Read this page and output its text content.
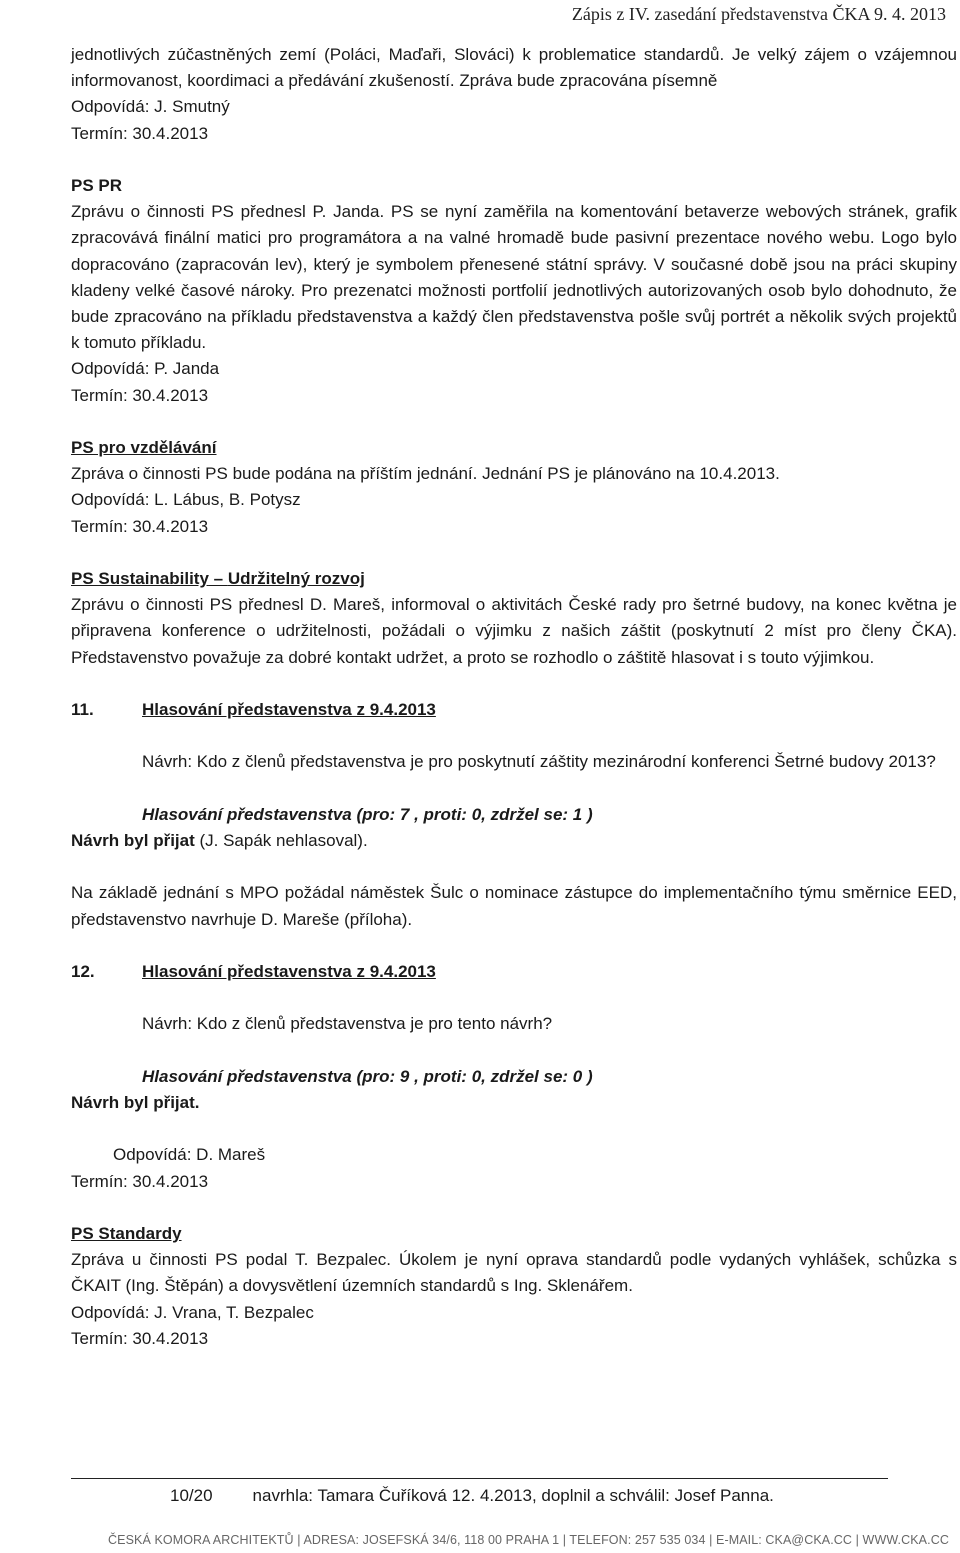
Zápis z IV. zasedání představenstva ČKA 9. 4. 2013

jednotlivých zúčastněných zemí (Poláci, Maďaři, Slováci) k problematice standardů. Je velký zájem o vzájemnou informovanost, koordimaci a předávání zkušeností. Zpráva bude zpracována písemně

Odpovídá: J. Smutný

Termín: 30.4.2013

PS PR

Zprávu o činnosti PS přednesl P. Janda. PS se nyní zaměřila na komentování betaverze webových stránek, grafik zpracovává finální matici pro programátora a na valné hromadě bude pasivní prezentace nového webu. Logo bylo dopracováno (zapracován lev), který je symbolem přenesené státní správy. V současné době jsou na práci skupiny kladeny velké časové nároky. Pro prezenatci možnosti portfolií jednotlivých autorizovaných osob bylo dohodnuto, že bude zpracováno na příkladu představenstva a každý člen představenstva pošle svůj portrét a několik svých projektů k tomuto příkladu.

Odpovídá: P. Janda

Termín: 30.4.2013

PS pro vzdělávání

Zpráva o činnosti PS bude podána na příštím jednání. Jednání PS je plánováno na 10.4.2013.

Odpovídá: L. Lábus, B. Potysz

Termín: 30.4.2013

PS Sustainability – Udržitelný rozvoj

Zprávu o činnosti PS přednesl D. Mareš, informoval o aktivitách České rady pro šetrné budovy, na konec května je připravena konference o udržitelnosti, požádali o výjimku z našich záštit (poskytnutí 2 míst pro členy ČKA). Představenstvo považuje za dobré kontakt udržet, a proto se rozhodlo o záštitě hlasovat i s touto výjimkou.

11.	Hlasování představenstva z 9.4.2013

Návrh: Kdo z členů představenstva je pro poskytnutí záštity mezinárodní konferenci Šetrné budovy 2013?

Hlasování představenstva (pro: 7 , proti: 0, zdržel se: 1 )

Návrh byl přijat (J. Sapák nehlasoval).

Na základě jednání s MPO požádal náměstek Šulc o nominace zástupce do implementačního týmu směrnice EED, představenstvo navrhuje D. Mareše (příloha).

12.	Hlasování představenstva z 9.4.2013

Návrh: Kdo z členů představenstva je pro tento návrh?

Hlasování představenstva (pro: 9 , proti: 0, zdržel se: 0 )

Návrh byl přijat.

Odpovídá: D. Mareš

Termín: 30.4.2013

PS Standardy

Zpráva u činnosti PS podal T. Bezpalec. Úkolem je nyní oprava standardů podle vydaných vyhlášek, schůzka s ČKAIT (Ing. Štěpán) a dovysvětlení územních standardů s Ing. Sklenářem.

Odpovídá: J. Vrana, T. Bezpalec

Termín: 30.4.2013

10/20 navrhla: Tamara Čuříková 12. 4.2013, doplnil a schválil: Josef Panna.
ČESKÁ KOMORA ARCHITEKTŮ | ADRESA: JOSEFSKÁ 34/6, 118 00 PRAHA 1 | TELEFON: 257 535 034 | E-MAIL: CKA@CKA.CC | WWW.CKA.CC
